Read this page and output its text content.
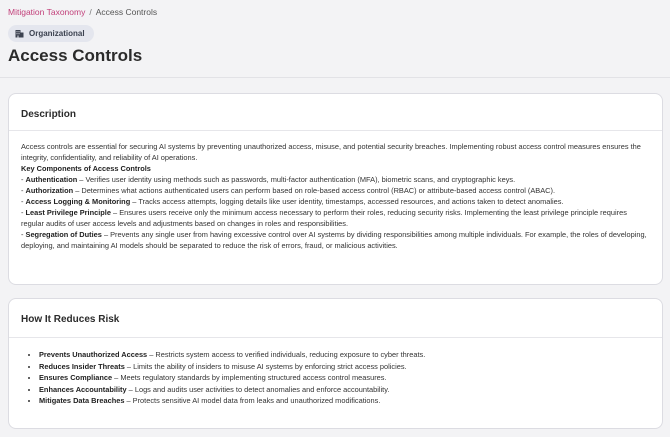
Mitigation Taxonomy / Access Controls
Organizational
Access Controls
Description

Access controls are essential for securing AI systems by preventing unauthorized access, misuse, and potential security breaches. Implementing robust access control measures ensures the integrity, confidentiality, and reliability of AI operations.

Key Components of Access Controls

- Authentication – Verifies user identity using methods such as passwords, multi-factor authentication (MFA), biometric scans, and cryptographic keys.

- Authorization – Determines what actions authenticated users can perform based on role-based access control (RBAC) or attribute-based access control (ABAC).

- Access Logging & Monitoring – Tracks access attempts, logging details like user identity, timestamps, accessed resources, and actions taken to detect anomalies.

- Least Privilege Principle – Ensures users receive only the minimum access necessary to perform their roles, reducing security risks. Implementing the least privilege principle requires regular audits of user access levels and adjustments based on changes in roles and responsibilities.

- Segregation of Duties – Prevents any single user from having excessive control over AI systems by dividing responsibilities among multiple individuals. For example, the roles of developing, deploying, and maintaining AI models should be separated to reduce the risk of errors, fraud, or malicious activities.

How It Reduces Risk
• Prevents Unauthorized Access – Restricts system access to verified individuals, reducing exposure to cyber threats.
• Reduces Insider Threats – Limits the ability of insiders to misuse AI systems by enforcing strict access policies.
• Ensures Compliance – Meets regulatory standards by implementing structured access control measures.
• Enhances Accountability – Logs and audits user activities to detect anomalies and enforce accountability.
• Mitigates Data Breaches – Protects sensitive AI model data from leaks and unauthorized modifications.
